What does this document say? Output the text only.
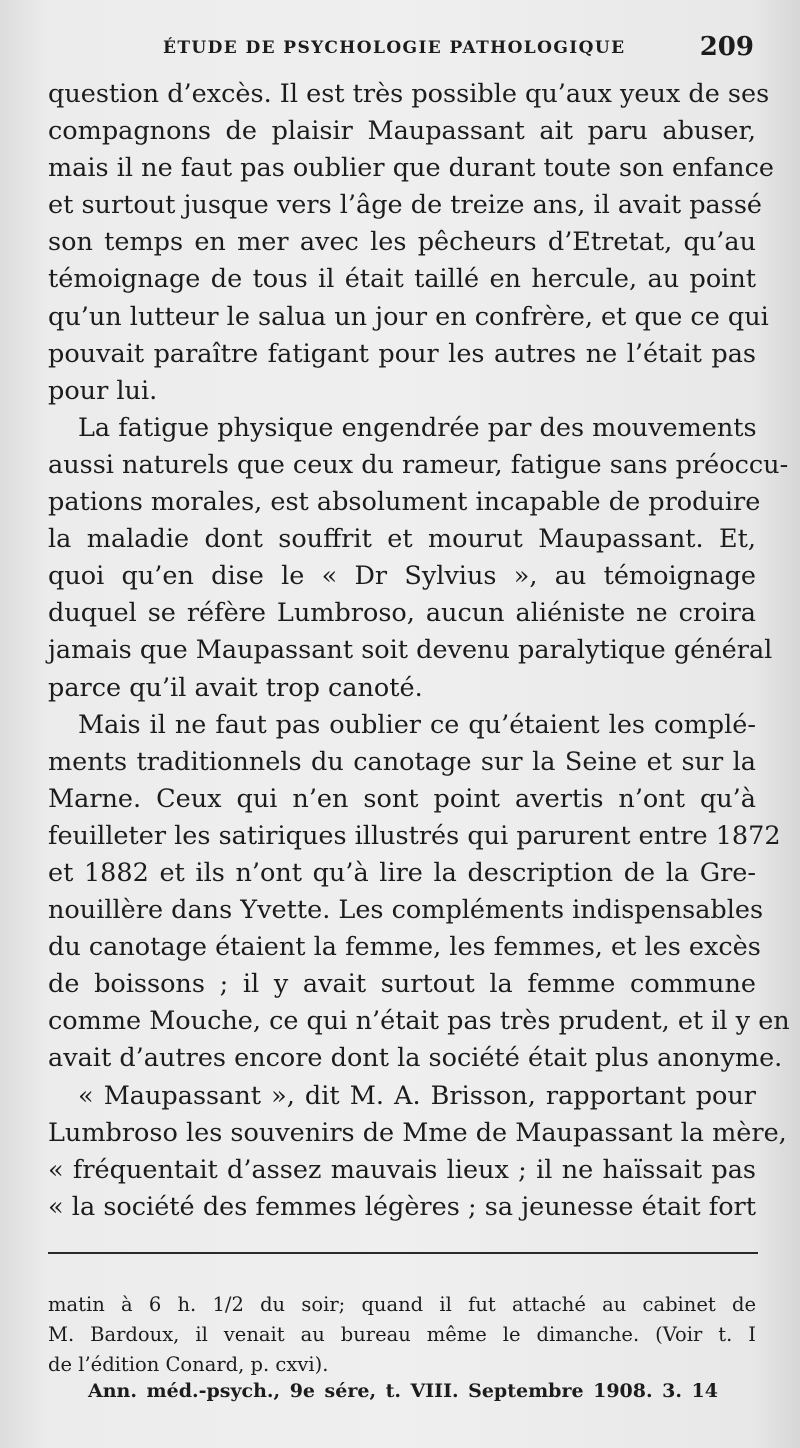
ÉTUDE DE PSYCHOLOGIE PATHOLOGIQUE	209
question d’excès. Il est très possible qu’aux yeux de ses
compagnons de plaisir Maupassant ait paru abuser,
mais il ne faut pas oublier que durant toute son enfance
et surtout jusque vers l’âge de treize ans, il avait passé
son temps en mer avec les pêcheurs d’Etretat, qu’au
témoignage de tous il était taillé en hercule, au point
qu’un lutteur le salua un jour en confrère, et que ce qui
pouvait paraître fatigant pour les autres ne l’était pas
pour lui.
La fatigue physique engendrée par des mouvements
aussi naturels que ceux du rameur, fatigue sans préoccu-
pations morales, est absolument incapable de produire
la maladie dont souffrit et mourut Maupassant. Et,
quoi qu’en dise le « Dr Sylvius », au témoignage
duquel se réfère Lumbroso, aucun aliéniste ne croira
jamais que Maupassant soit devenu paralytique général
parce qu’il avait trop canoté.
Mais il ne faut pas oublier ce qu’étaient les complé-
ments traditionnels du canotage sur la Seine et sur la
Marne. Ceux qui n’en sont point avertis n’ont qu’à
feuilleter les satiriques illustrés qui parurent entre 1872
et 1882 et ils n’ont qu’à lire la description de la Gre-
nouillère dans Yvette. Les compléments indispensables
du canotage étaient la femme, les femmes, et les excès
de boissons ; il y avait surtout la femme commune
comme Mouche, ce qui n’était pas très prudent, et il y en
avait d’autres encore dont la société était plus anonyme.
« Maupassant », dit M. A. Brisson, rapportant pour
Lumbroso les souvenirs de Mme de Maupassant la mère,
« fréquentait d’assez mauvais lieux ; il ne haïssait pas
« la société des femmes légères ; sa jeunesse était fort
matin à 6 h. 1/2 du soir; quand il fut attaché au cabinet de
M. Bardoux, il venait au bureau même le dimanche. (Voir t. I
de l’édition Conard, p. cxvi).
Ann. méd.-psych., 9e sére, t. VIII. Septembre 1908. 3. 14
